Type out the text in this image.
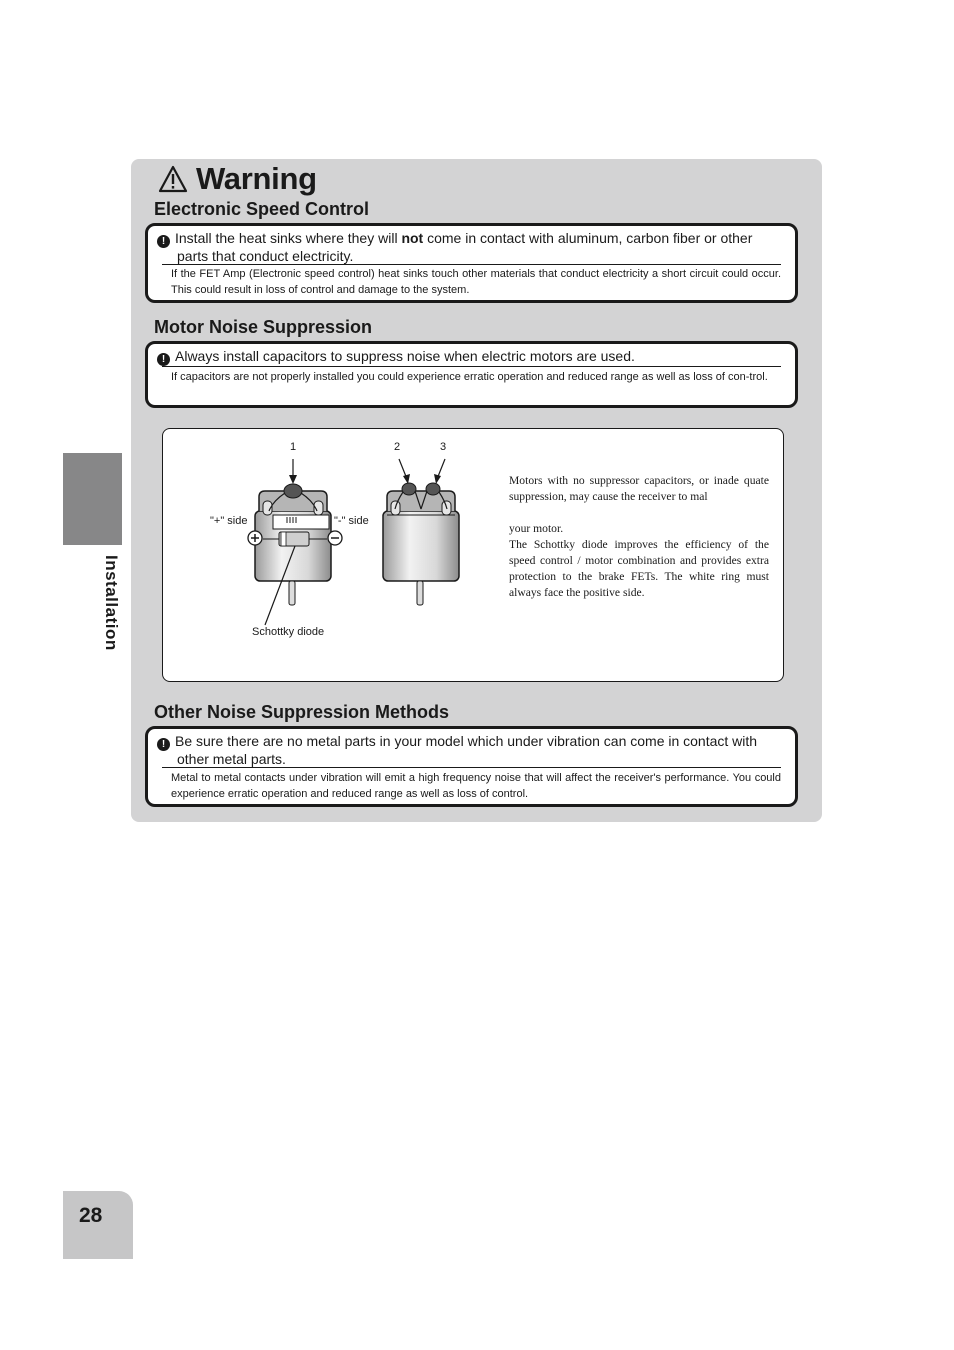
Warning
Electronic Speed Control
! Install the heat sinks where they will not come in contact with aluminum, carbon fiber or other
parts that conduct electricity.
If the FET Amp (Electronic speed control) heat sinks touch other materials that conduct electricity a short circuit could occur. This could result in loss of control and damage to the system.
Motor Noise Suppression
! Always install capacitors to suppress noise when electric motors are used.
If capacitors are not properly installed you could experience erratic operation and reduced range as well as loss of con-trol.
1	2	3
"+" side	"-" side
Schottky diode

Motors with no suppressor capacitors, or inade quate suppression, may cause the receiver to mal

your motor.

The Schottky diode improves the efficiency of the speed control / motor combination and provides extra protection to the brake FETs. The white ring must always face the positive side.

Other Noise Suppression Methods
! Be sure there are no metal parts in your model which under vibration can come in contact with
other metal parts.
Metal to metal contacts under vibration will emit a high frequency noise that will affect the receiver's performance. You could experience erratic operation and reduced range as well as loss of control.
Installation
28
